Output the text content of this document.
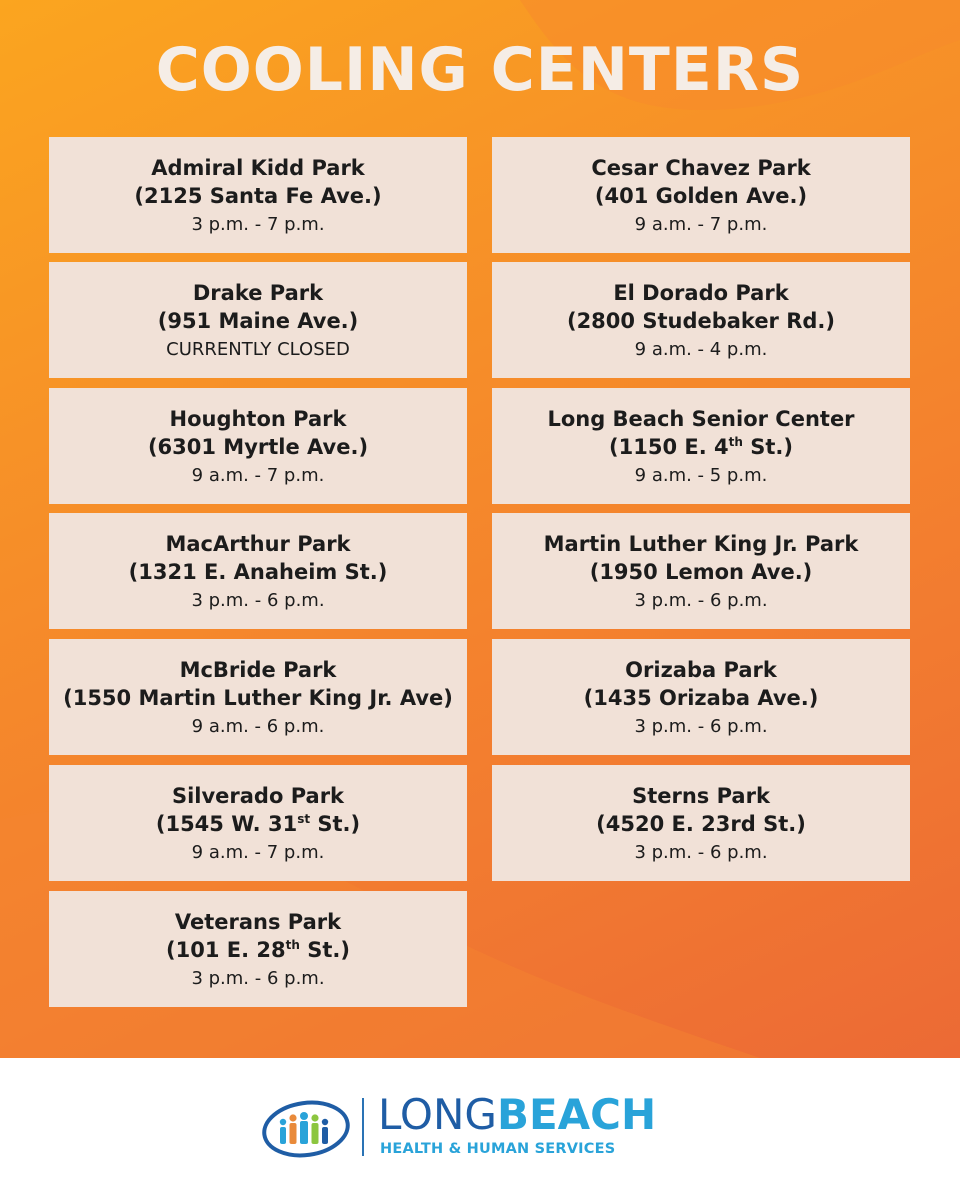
COOLING CENTERS
Admiral Kidd Park
(2125 Santa Fe Ave.)
3 p.m. - 7 p.m.
Drake Park
(951 Maine Ave.)
CURRENTLY CLOSED
Houghton Park
(6301 Myrtle Ave.)
9 a.m. - 7 p.m.
MacArthur Park
(1321 E. Anaheim St.)
3 p.m. - 6 p.m.
McBride Park
(1550 Martin Luther King Jr. Ave)
9 a.m. - 6 p.m.
Silverado Park
(1545 W. 31st St.)
9 a.m. - 7 p.m.
Veterans Park
(101 E. 28th St.)
3 p.m. - 6 p.m.
Cesar Chavez Park
(401 Golden Ave.)
9 a.m. - 7 p.m.
El Dorado Park
(2800 Studebaker Rd.)
9 a.m. - 4 p.m.
Long Beach Senior Center
(1150 E. 4th St.)
9 a.m. - 5 p.m.
Martin Luther King Jr. Park
(1950 Lemon Ave.)
3 p.m. - 6 p.m.
Orizaba Park
(1435 Orizaba Ave.)
3 p.m. - 6 p.m.
Sterns Park
(4520 E. 23rd St.)
3 p.m. - 6 p.m.
LONGBEACH
HEALTH & HUMAN SERVICES
